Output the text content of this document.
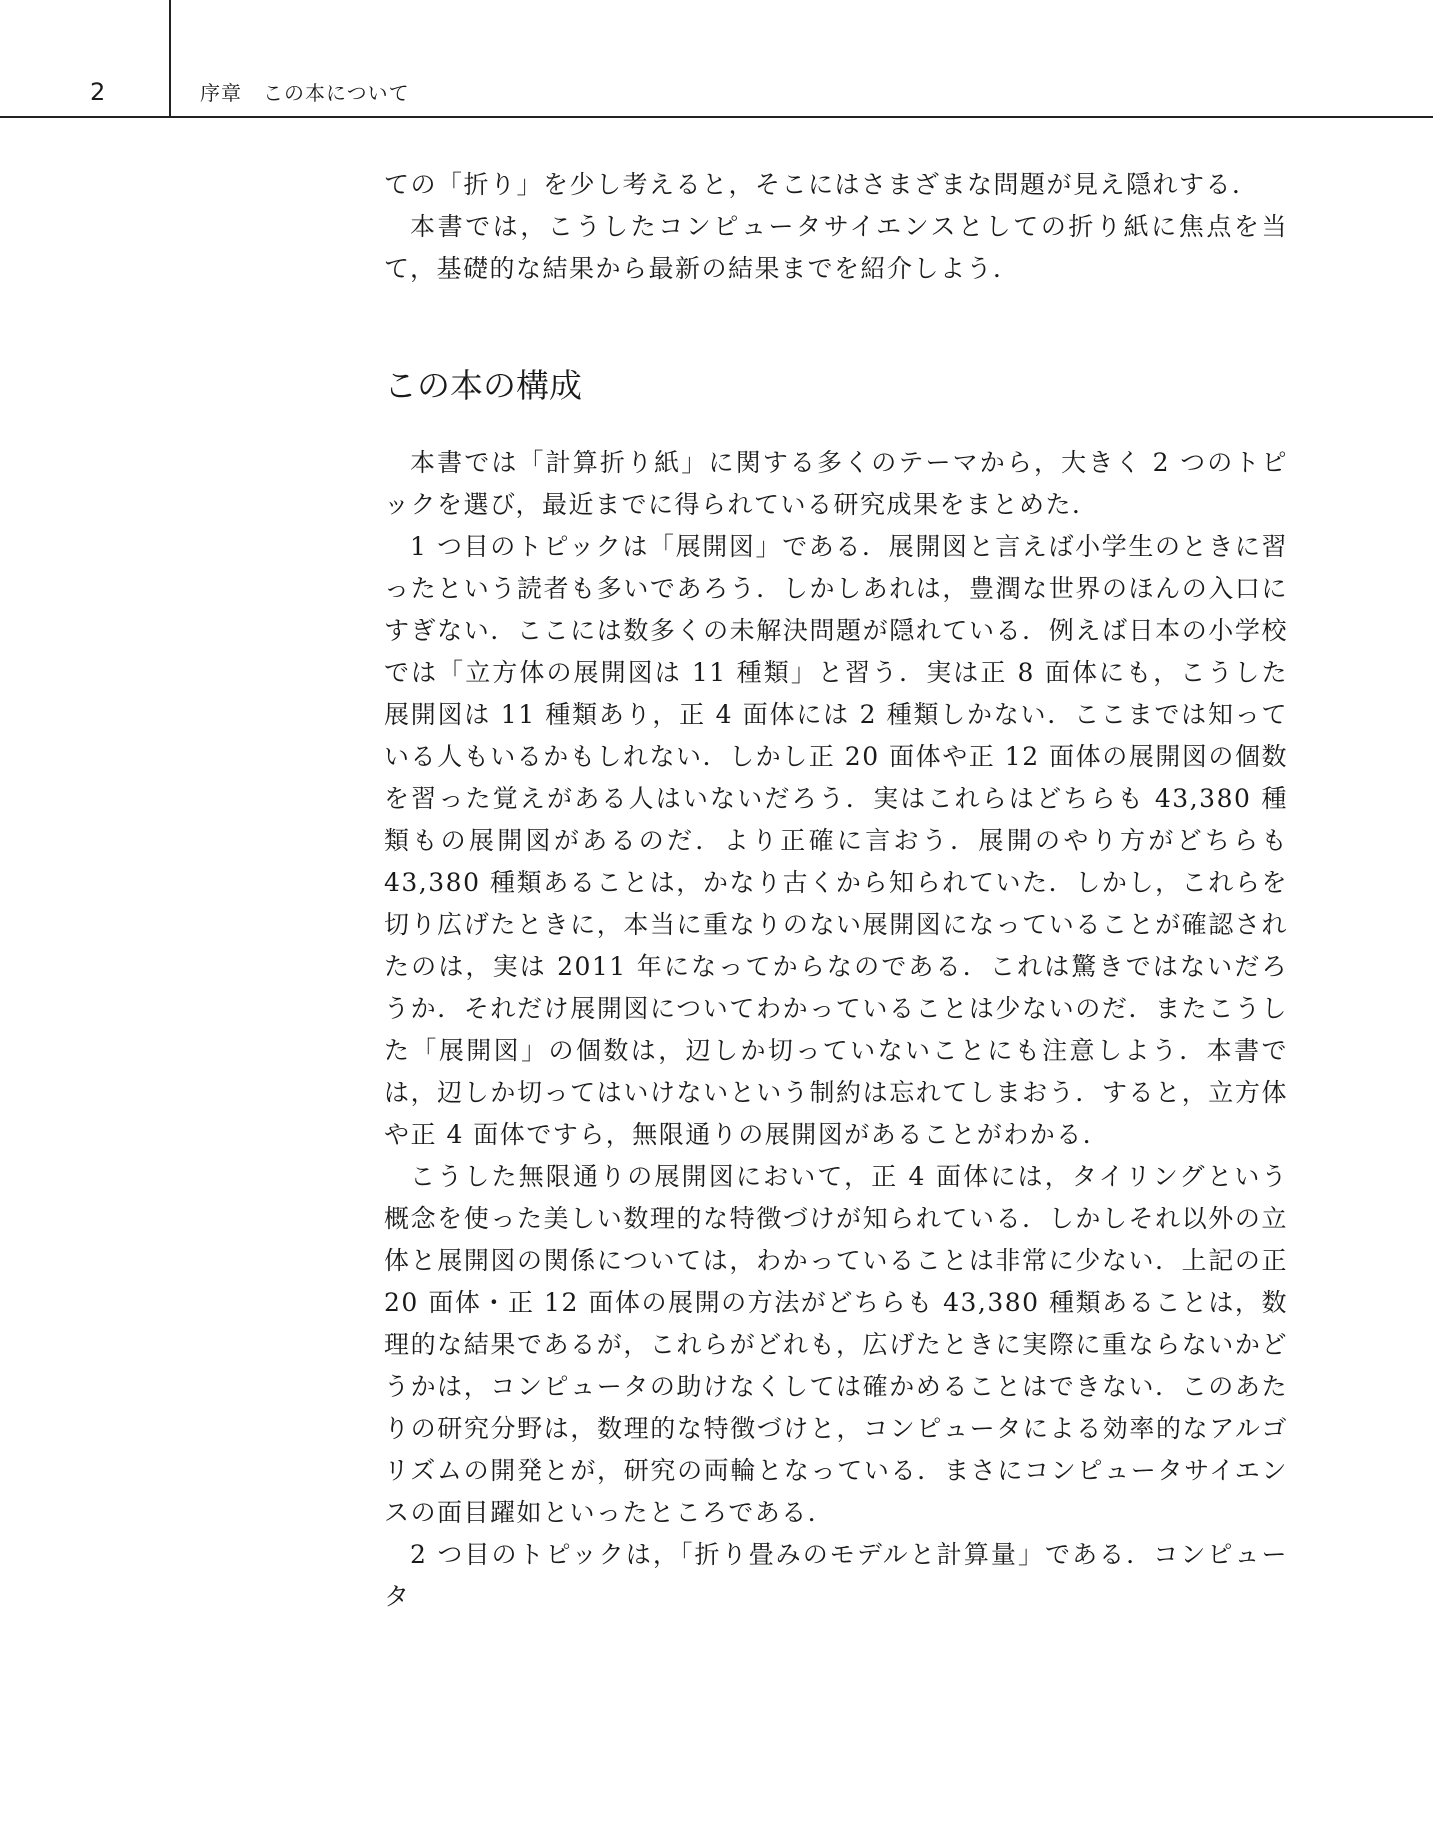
2	序章　この本について

ての「折り」を少し考えると，そこにはさまざまな問題が見え隠れする．

本書では，こうしたコンピュータサイエンスとしての折り紙に焦点を当て，基礎的な結果から最新の結果までを紹介しよう．

この本の構成

本書では「計算折り紙」に関する多くのテーマから，大きく 2 つのトピックを選び，最近までに得られている研究成果をまとめた．

1 つ目のトピックは「展開図」である．展開図と言えば小学生のときに習ったという読者も多いであろう．しかしあれは，豊潤な世界のほんの入口にすぎない．ここには数多くの未解決問題が隠れている．例えば日本の小学校では「立方体の展開図は 11 種類」と習う．実は正 8 面体にも，こうした展開図は 11 種類あり，正 4 面体には 2 種類しかない．ここまでは知っている人もいるかもしれない．しかし正 20 面体や正 12 面体の展開図の個数を習った覚えがある人はいないだろう．実はこれらはどちらも 43,380 種類もの展開図があるのだ．より正確に言おう．展開のやり方がどちらも 43,380 種類あることは，かなり古くから知られていた．しかし，これらを切り広げたときに，本当に重なりのない展開図になっていることが確認されたのは，実は 2011 年になってからなのである．これは驚きではないだろうか．それだけ展開図についてわかっていることは少ないのだ．またこうした「展開図」の個数は，辺しか切っていないことにも注意しよう．本書では，辺しか切ってはいけないという制約は忘れてしまおう．すると，立方体や正 4 面体ですら，無限通りの展開図があることがわかる．

こうした無限通りの展開図において，正 4 面体には，タイリングという概念を使った美しい数理的な特徴づけが知られている．しかしそれ以外の立体と展開図の関係については，わかっていることは非常に少ない．上記の正 20 面体・正 12 面体の展開の方法がどちらも 43,380 種類あることは，数理的な結果であるが，これらがどれも，広げたときに実際に重ならないかどうかは，コンピュータの助けなくしては確かめることはできない．このあたりの研究分野は，数理的な特徴づけと，コンピュータによる効率的なアルゴリズムの開発とが，研究の両輪となっている．まさにコンピュータサイエンスの面目躍如といったところである．

2 つ目のトピックは，「折り畳みのモデルと計算量」である．コンピュータ
